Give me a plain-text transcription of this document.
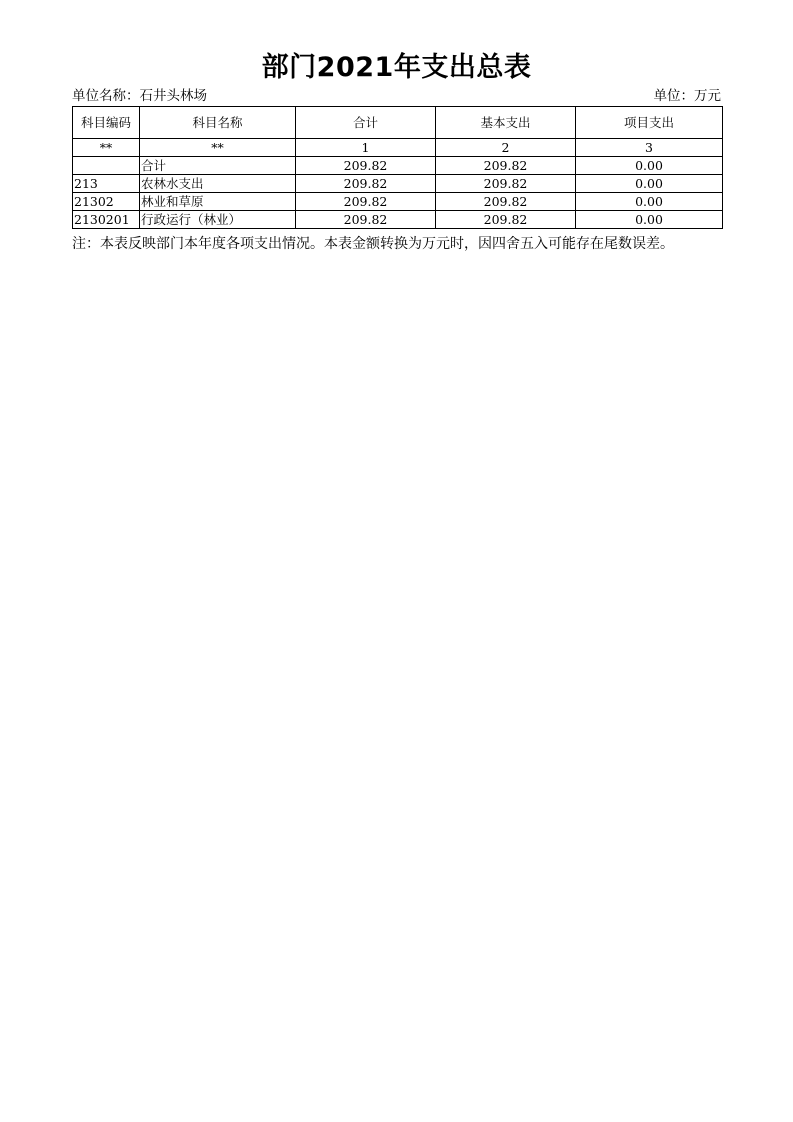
部门2021年支出总表
单位名称：石井头林场	单位：万元
科目编码	科目名称	合计	基本支出	项目支出
**	**	1	2	3
	合计	209.82	209.82	0.00
213	农林水支出	209.82	209.82	0.00
21302	林业和草原	209.82	209.82	0.00
2130201	行政运行（林业）	209.82	209.82	0.00
注：本表反映部门本年度各项支出情况。本表金额转换为万元时，因四舍五入可能存在尾数误差。
